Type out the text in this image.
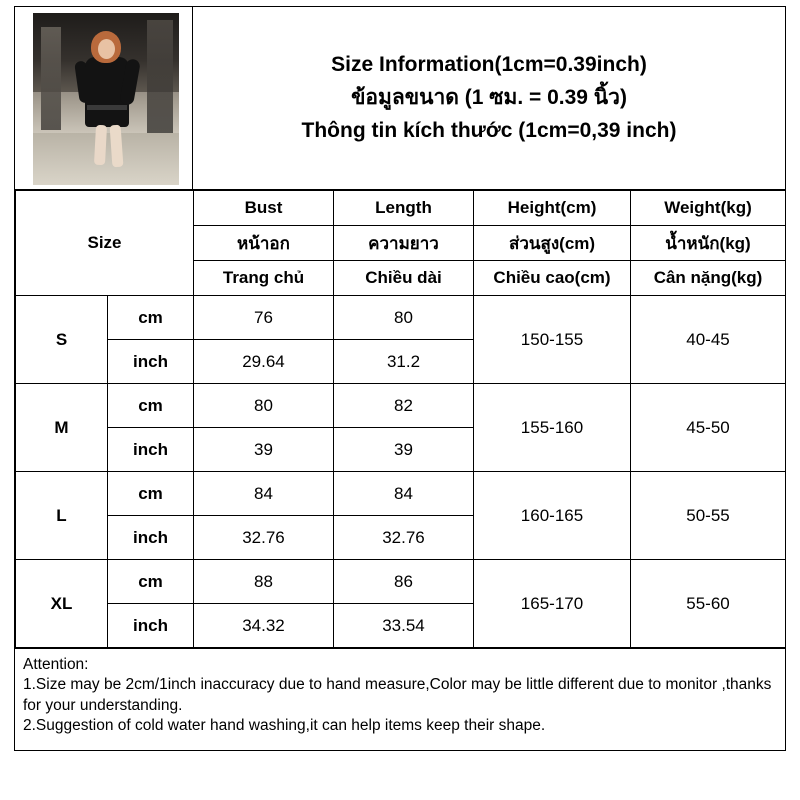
Size Information(1cm=0.39inch)
ข้อมูลขนาด (1 ซม. = 0.39 นิ้ว)
Thông tin kích thước (1cm=0,39 inch)
Size		Bust	Length	Height(cm)	Weight(kg)
		หน้าอก	ความยาว	ส่วนสูง(cm)	น้ำหนัก(kg)
		Trang chủ	Chiều dài	Chiều cao(cm)	Cân nặng(kg)
S	cm	76	80	150-155	40-45
	inch	29.64	31.2		
M	cm	80	82	155-160	45-50
	inch	39	39		
L	cm	84	84	160-165	50-55
	inch	32.76	32.76		
XL	cm	88	86	165-170	55-60
	inch	34.32	33.54		

Attention:

1.Size may be 2cm/1inch inaccuracy due to hand measure,Color may be little different due to monitor ,thanks for your understanding.

2.Suggestion of cold water hand washing,it can help items keep their shape.
